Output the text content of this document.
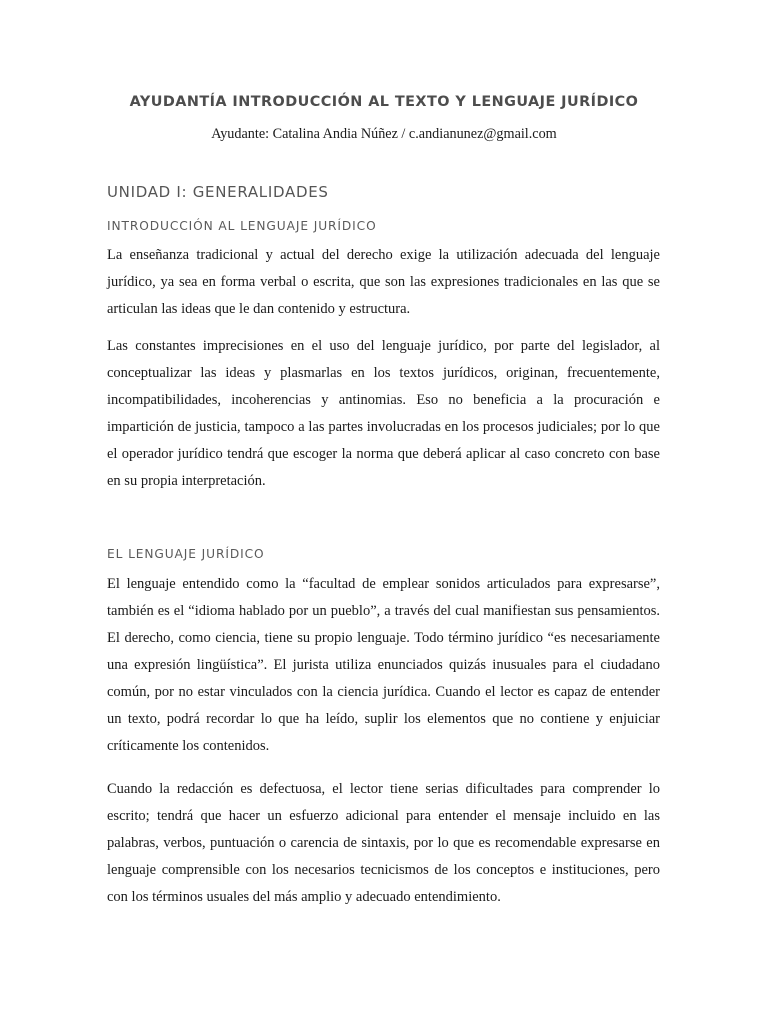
AYUDANTÍA INTRODUCCIÓN AL TEXTO Y LENGUAJE JURÍDICO
Ayudante: Catalina Andia Núñez / c.andianunez@gmail.com
UNIDAD I: GENERALIDADES
INTRODUCCIÓN AL LENGUAJE JURÍDICO

La enseñanza tradicional y actual del derecho exige la utilización adecuada del lenguaje jurídico, ya sea en forma verbal o escrita, que son las expresiones tradicionales en las que se articulan las ideas que le dan contenido y estructura.

Las constantes imprecisiones en el uso del lenguaje jurídico, por parte del legislador, al conceptualizar las ideas y plasmarlas en los textos jurídicos, originan, frecuentemente, incompatibilidades, incoherencias y antinomias. Eso no beneficia a la procuración e impartición de justicia, tampoco a las partes involucradas en los procesos judiciales; por lo que el operador jurídico tendrá que escoger la norma que deberá aplicar al caso concreto con base en su propia interpretación.

EL LENGUAJE JURÍDICO

El lenguaje entendido como la “facultad de emplear sonidos articulados para expresarse”, también es el “idioma hablado por un pueblo”, a través del cual manifiestan sus pensamientos. El derecho, como ciencia, tiene su propio lenguaje. Todo término jurídico “es necesariamente una expresión lingüística”. El jurista utiliza enunciados quizás inusuales para el ciudadano común, por no estar vinculados con la ciencia jurídica. Cuando el lector es capaz de entender un texto, podrá recordar lo que ha leído, suplir los elementos que no contiene y enjuiciar críticamente los contenidos.

Cuando la redacción es defectuosa, el lector tiene serias dificultades para comprender lo escrito; tendrá que hacer un esfuerzo adicional para entender el mensaje incluido en las palabras, verbos, puntuación o carencia de sintaxis, por lo que es recomendable expresarse en lenguaje comprensible con los necesarios tecnicismos de los conceptos e instituciones, pero con los términos usuales del más amplio y adecuado entendimiento.
